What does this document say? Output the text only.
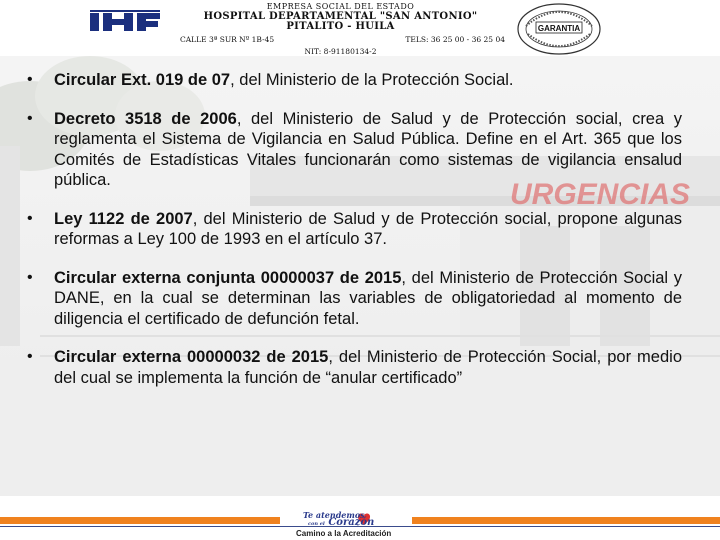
EMPRESA SOCIAL DEL ESTADO
HOSPITAL DEPARTAMENTAL "SAN ANTONIO"
PITALITO - HUILA
CALLE 3ª SUR Nº 1B-45	TELS: 36 25 00 - 36 25 04
NIT: 8-91180134-2
GARANTIA
URGENCIAS
•	Circular Ext. 019 de 07, del Ministerio de la Protección Social.
•	Decreto 3518 de 2006, del Ministerio de Salud y de Protección social, crea y reglamenta el Sistema de Vigilancia en Salud Pública. Define en el Art. 365 que los Comités de Estadísticas Vitales funcionarán como sistemas de vigilancia ensalud pública.
•	Ley 1122 de 2007, del Ministerio de Salud y de Protección social, propone algunas reformas a Ley 100 de 1993 en el artículo 37.
•	Circular externa conjunta 00000037 de 2015, del Ministerio de Protección Social y DANE, en la cual se determinan las variables de obligatoriedad al momento de diligencia el certificado de defunción fetal.
•	Circular externa 00000032 de 2015, del Ministerio de Protección Social, por medio del cual se implementa la función de “anular certificado”
Te atendemos
con el Corazón
Camino a la Acreditación
